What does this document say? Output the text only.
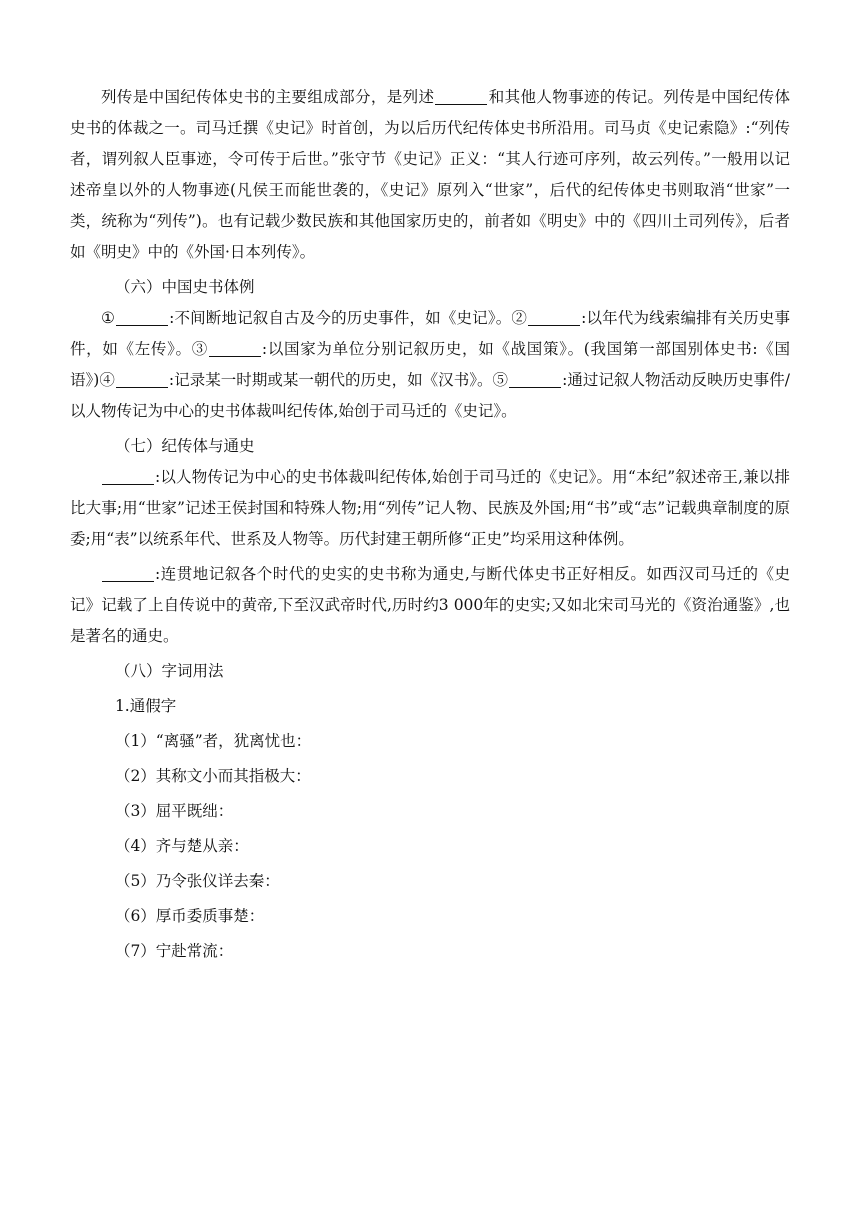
列传是中国纪传体史书的主要组成部分，是列述	和其他人物事迹的传记。列传是中国纪传体史书的体裁之一。司马迁撰《史记》时首创，为以后历代纪传体史书所沿用。司马贞《史记索隐》:“列传者，谓列叙人臣事迹，令可传于后世。”张守节《史记》正义：“其人行迹可序列，故云列传。”一般用以记述帝皇以外的人物事迹(凡侯王而能世袭的，《史记》原列入“世家”，后代的纪传体史书则取消“世家”一类，统称为“列传”)。也有记载少数民族和其他国家历史的，前者如《明史》中的《四川土司列传》，后者如《明史》中的《外国·日本列传》。

（六）中国史书体例

①	:不间断地记叙自古及今的历史事件，如《史记》。②	:以年代为线索编排有关历史事件，如《左传》。③	:以国家为单位分别记叙历史，如《战国策》。(我国第一部国别体史书:《国语》)④	:记录某一时期或某一朝代的历史，如《汉书》。⑤	:通过记叙人物活动反映历史事件/以人物传记为中心的史书体裁叫纪传体,始创于司马迁的《史记》。

（七）纪传体与通史

:以人物传记为中心的史书体裁叫纪传体,始创于司马迁的《史记》。用“本纪”叙述帝王,兼以排比大事;用“世家”记述王侯封国和特殊人物;用“列传”记人物、民族及外国;用“书”或“志”记载典章制度的原委;用“表”以统系年代、世系及人物等。历代封建王朝所修“正史”均采用这种体例。

:连贯地记叙各个时代的史实的史书称为通史,与断代体史书正好相反。如西汉司马迁的《史记》记载了上自传说中的黄帝,下至汉武帝时代,历时约3 000年的史实;又如北宋司马光的《资治通鉴》,也是著名的通史。

（八）字词用法

1.通假字

（1）“离骚”者，犹离忧也：

（2）其称文小而其指极大：

（3）屈平既绌：

（4）齐与楚从亲：

（5）乃令张仪详去秦：

（6）厚币委质事楚：

（7）宁赴常流：
